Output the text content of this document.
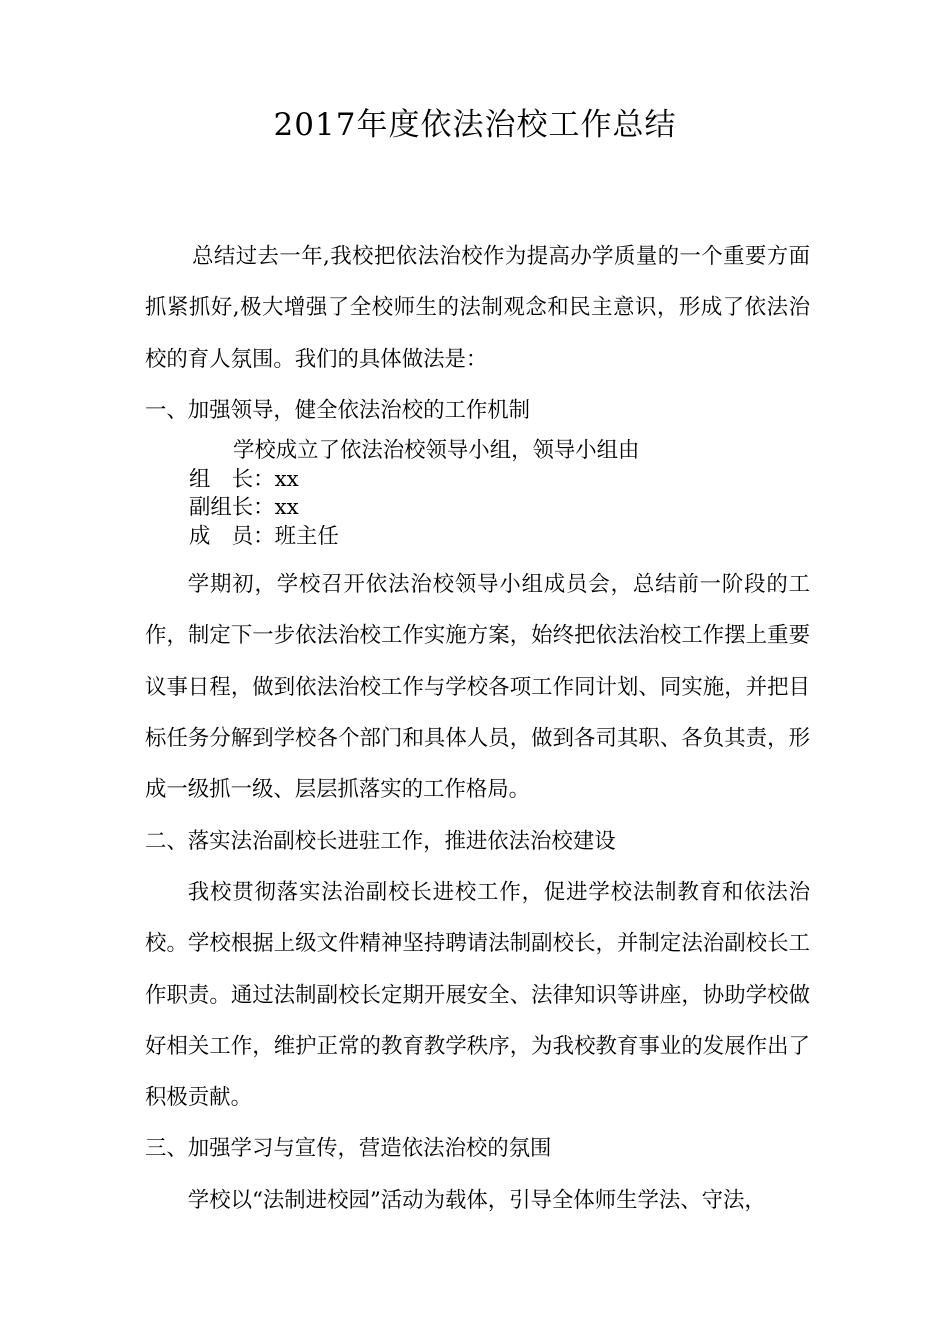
2017年度依法治校工作总结

总结过去一年,我校把依法治校作为提高办学质量的一个重要方面抓紧抓好,极大增强了全校师生的法制观念和民主意识，形成了依法治校的育人氛围。我们的具体做法是：

一、加强领导，健全依法治校的工作机制
学校成立了依法治校领导小组，领导小组由
组　长：xx
副组长：xx
成　员：班主任

学期初，学校召开依法治校领导小组成员会，总结前一阶段的工作，制定下一步依法治校工作实施方案，始终把依法治校工作摆上重要议事日程，做到依法治校工作与学校各项工作同计划、同实施，并把目标任务分解到学校各个部门和具体人员，做到各司其职、各负其责，形成一级抓一级、层层抓落实的工作格局。

二、落实法治副校长进驻工作，推进依法治校建设

我校贯彻落实法治副校长进校工作，促进学校法制教育和依法治校。学校根据上级文件精神坚持聘请法制副校长，并制定法治副校长工作职责。通过法制副校长定期开展安全、法律知识等讲座，协助学校做好相关工作，维护正常的教育教学秩序，为我校教育事业的发展作出了积极贡献。

三、加强学习与宣传，营造依法治校的氛围

学校以“法制进校园”活动为载体，引导全体师生学法、守法，
